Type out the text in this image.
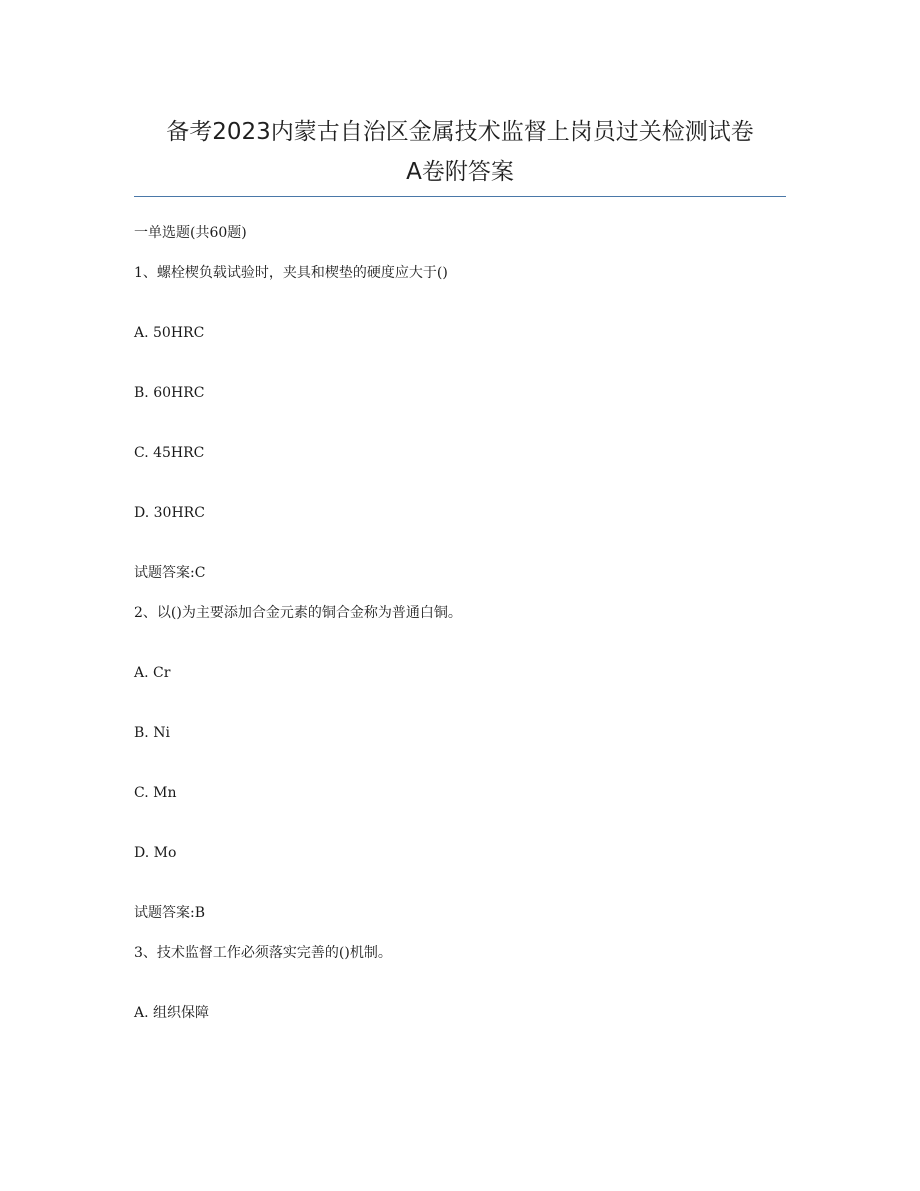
备考2023内蒙古自治区金属技术监督上岗员过关检测试卷
A卷附答案
一单选题(共60题)
1、螺栓楔负载试验时，夹具和楔垫的硬度应大于()
A. 50HRC
B. 60HRC
C. 45HRC
D. 30HRC
试题答案:C
2、以()为主要添加合金元素的铜合金称为普通白铜。
A. Cr
B. Ni
C. Mn
D. Mo
试题答案:B
3、技术监督工作必须落实完善的()机制。
A. 组织保障
